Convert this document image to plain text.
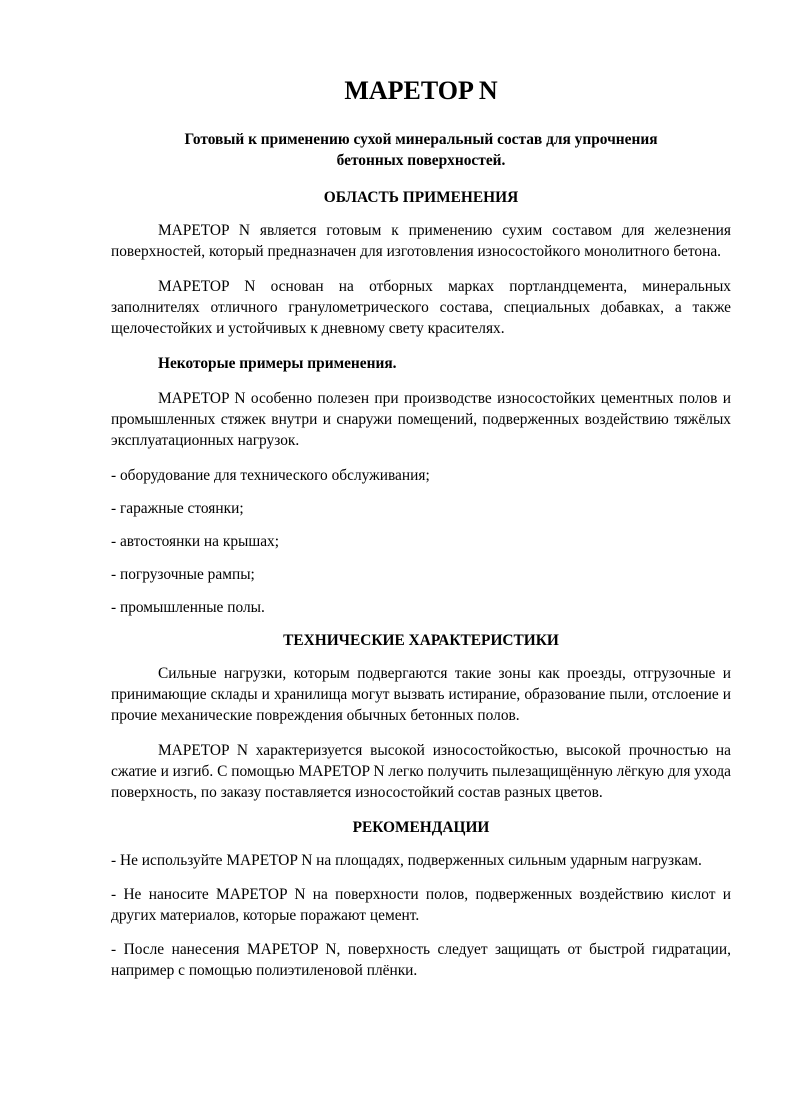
MAPETOP N
Готовый к применению сухой минеральный состав для упрочнения бетонных поверхностей.
ОБЛАСТЬ ПРИМЕНЕНИЯ

MAPETOP N является готовым к применению сухим составом для железнения поверхностей, который предназначен для изготовления износостойкого монолитного бетона.

MAPETOP N основан на отборных марках портландцемента, минеральных заполнителях отличного гранулометрического состава, специальных добавках, а также щелочестойких и устойчивых к дневному свету красителях.

Некоторые примеры применения.

MAPETOP N особенно полезен при производстве износостойких цементных полов и промышленных стяжек внутри и снаружи помещений, подверженных воздействию тяжёлых эксплуатационных нагрузок.

- оборудование для технического обслуживания;
- гаражные стоянки;
- автостоянки на крышах;
- погрузочные рампы;
- промышленные полы.
ТЕХНИЧЕСКИЕ ХАРАКТЕРИСТИКИ

Сильные нагрузки, которым подвергаются такие зоны как проезды, отгрузочные и принимающие склады и хранилища могут вызвать истирание, образование пыли, отслоение и прочие механические повреждения обычных бетонных полов.

MAPETOP N характеризуется высокой износостойкостью, высокой прочностью на сжатие и изгиб. С помощью MAPETOP N легко получить пылезащищённую лёгкую для ухода поверхность, по заказу поставляется износостойкий состав разных цветов.

РЕКОМЕНДАЦИИ

- Не используйте MAPETOP N на площадях, подверженных сильным ударным нагрузкам.

- Не наносите MAPETOP N на поверхности полов, подверженных воздействию кислот и других материалов, которые поражают цемент.

- После нанесения MAPETOP N, поверхность следует защищать от быстрой гидратации, например с помощью полиэтиленовой плёнки.
